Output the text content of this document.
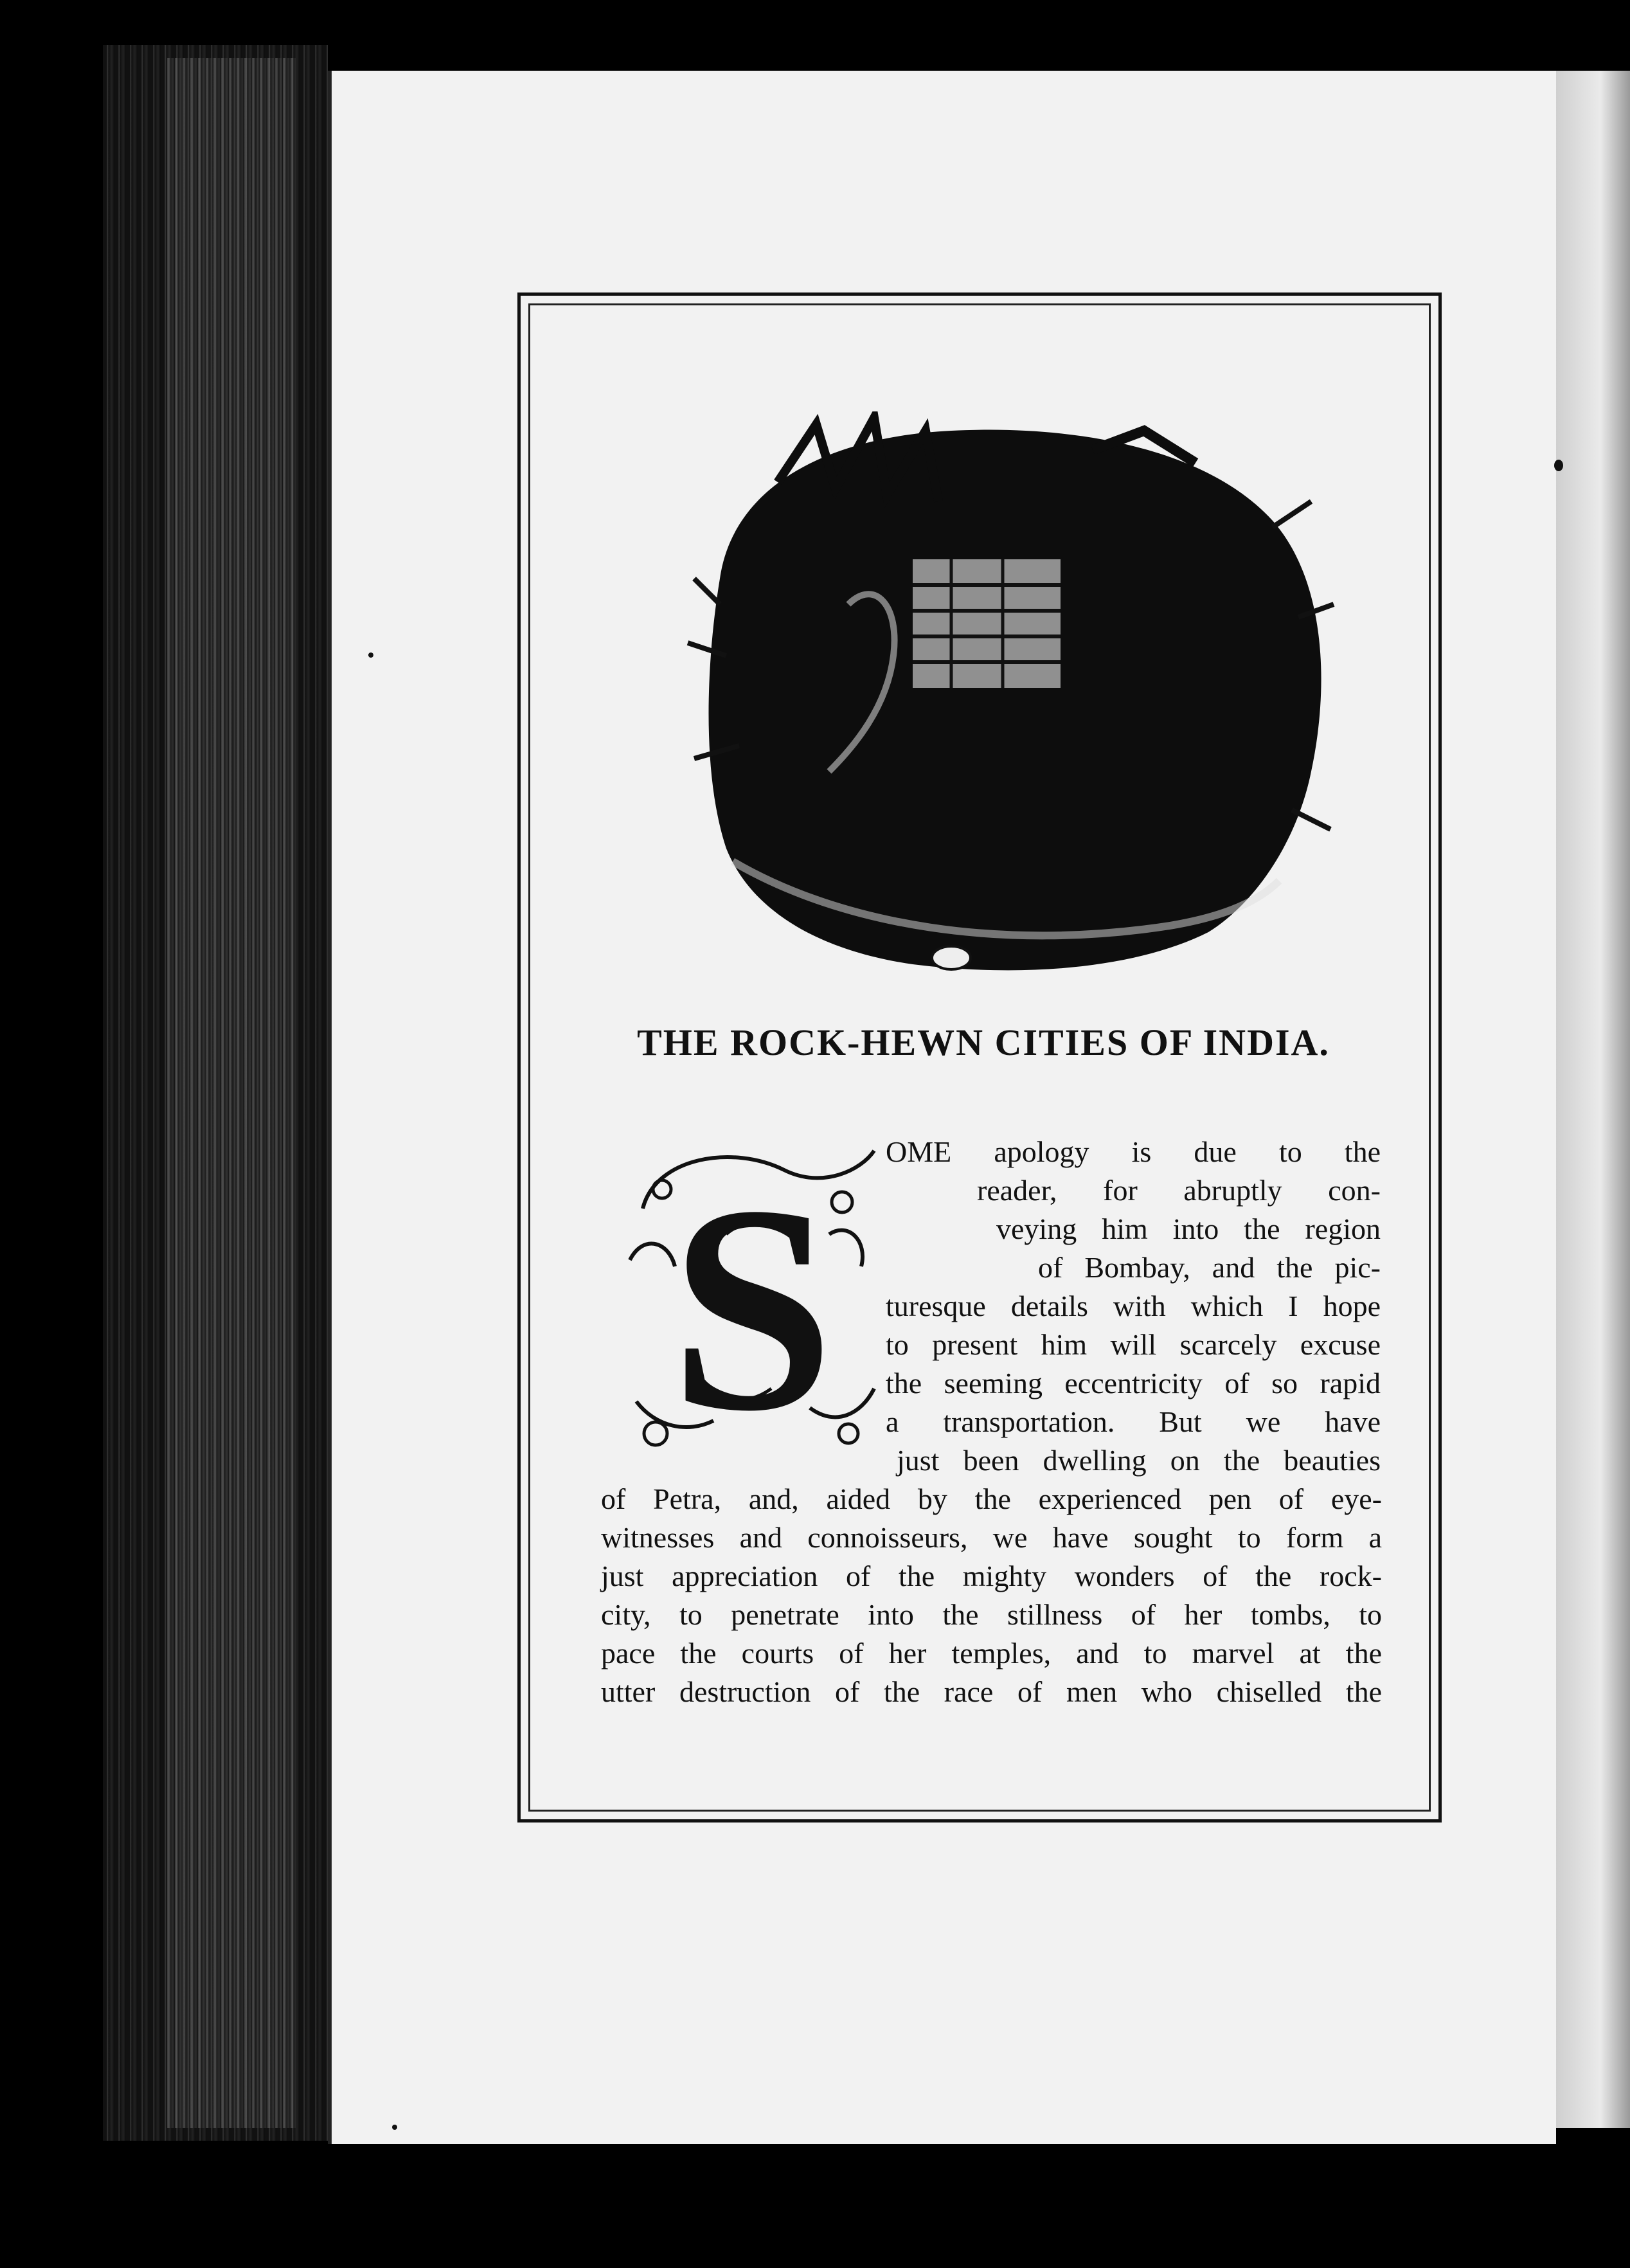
THE ROCK-HEWN CITIES OF INDIA.
S OME apology is due to the
reader, for abruptly con-
veying him into the region
of Bombay, and the pic-
turesque details with which I hope
to present him will scarcely excuse
the seeming eccentricity of so rapid
a transportation. But we have
just been dwelling on the beauties
of Petra, and, aided by the experienced pen of eye-
witnesses and connoisseurs, we have sought to form a
just appreciation of the mighty wonders of the rock-
city, to penetrate into the stillness of her tombs, to
pace the courts of her temples, and to marvel at the
utter destruction of the race of men who chiselled the
